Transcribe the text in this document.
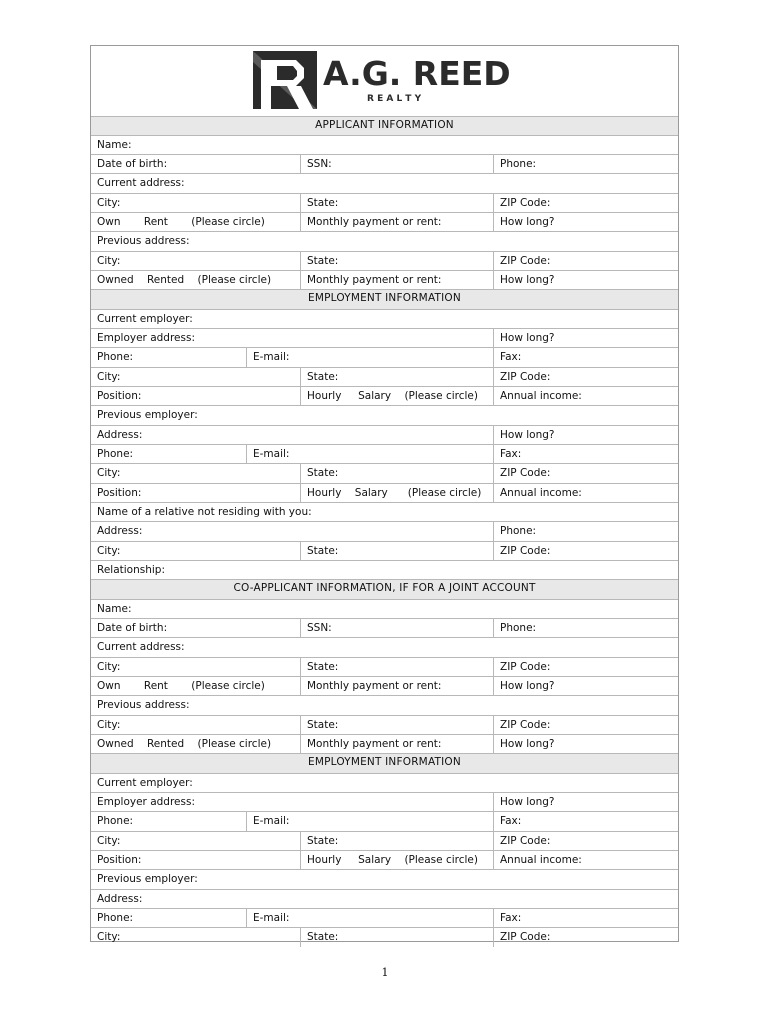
A.G. REED
R E A L T Y
APPLICANT INFORMATION
Name:
Date of birth:	SSN:	Phone:
Current address:
City:	State:	ZIP Code:
Own       Rent       (Please circle)	Monthly payment or rent:	How long?
Previous address:
City:	State:	ZIP Code:
Owned    Rented    (Please circle)	Monthly payment or rent:	How long?
EMPLOYMENT INFORMATION
Current employer:
Employer address:	How long?
Phone:	E-mail:	Fax:
City:	State:	ZIP Code:
Position:	Hourly     Salary    (Please circle) Annual income:
Previous employer:
Address:	How long?
Phone:	E-mail:	Fax:
City:	State:	ZIP Code:
Position:	Hourly    Salary      (Please circle) Annual income:
Name of a relative not residing with you:
Address:	Phone:
City:	State:	ZIP Code:
Relationship:
CO-APPLICANT INFORMATION, IF FOR A JOINT ACCOUNT
Name:
Date of birth:	SSN:	Phone:
Current address:
City:	State:	ZIP Code:
Own       Rent       (Please circle)	Monthly payment or rent:	How long?
Previous address:
City:	State:	ZIP Code:
Owned    Rented    (Please circle)	Monthly payment or rent:	How long?
EMPLOYMENT INFORMATION
Current employer:
Employer address:	How long?
Phone:	E-mail:	Fax:
City:	State:	ZIP Code:
Position:	Hourly     Salary    (Please circle) Annual income:
Previous employer:
Address:
Phone:	E-mail:	Fax:
City:	State:	ZIP Code:
1
